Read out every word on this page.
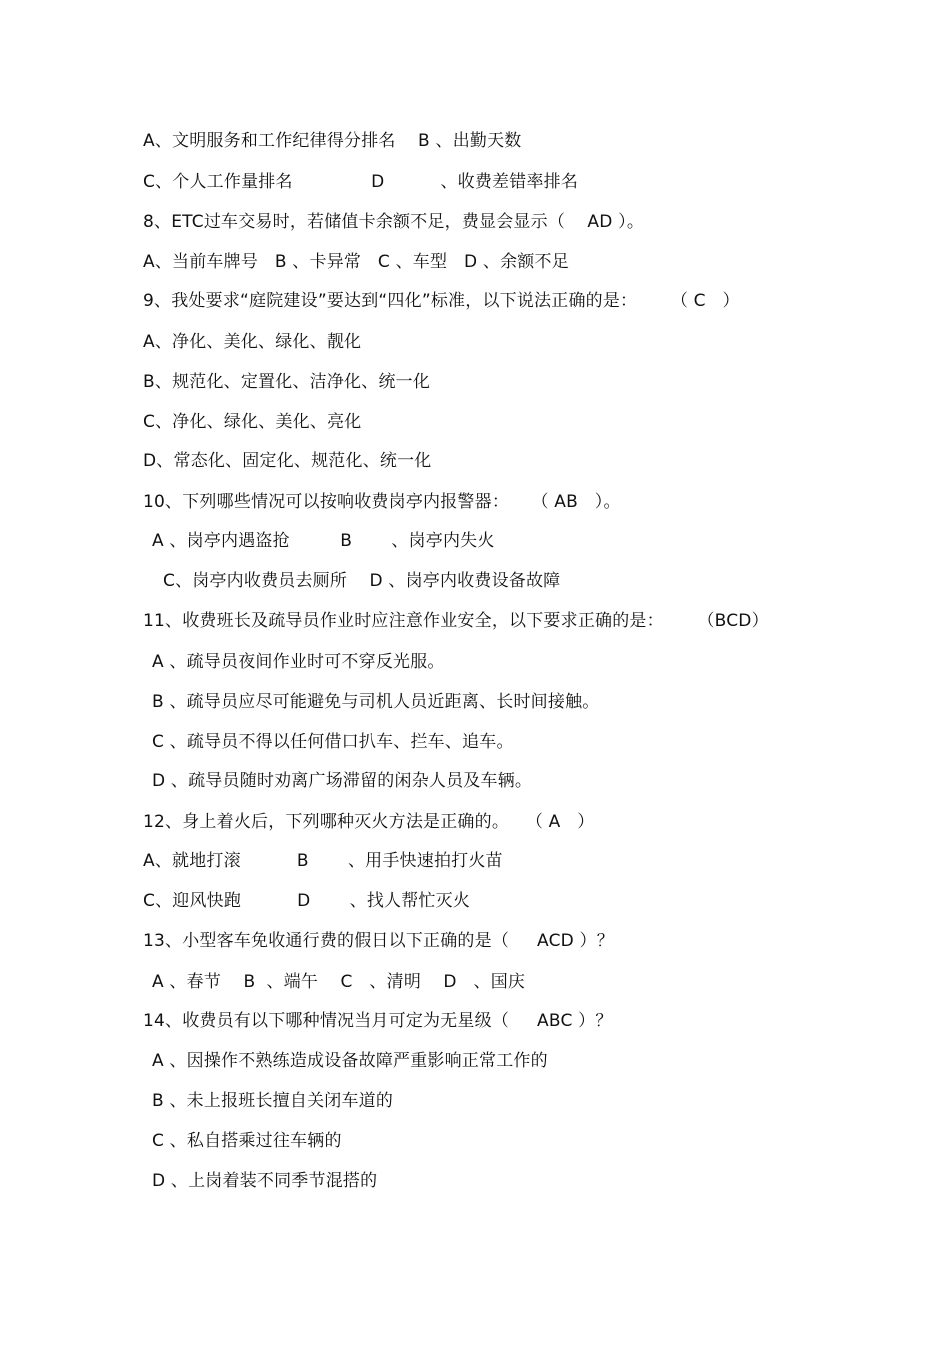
A、文明服务和工作纪律得分排名    B 、出勤天数
C、个人工作量排名              D          、收费差错率排名
8、ETC过车交易时，若储值卡余额不足，费显会显示（    AD ）。
A、当前车牌号   B 、卡异常   C 、车型   D 、余额不足
9、我处要求“庭院建设”要达到“四化”标准，以下说法正确的是：      （ C   ）
A、净化、美化、绿化、靓化
B、规范化、定置化、洁净化、统一化
C、净化、绿化、美化、亮化
D、常态化、固定化、规范化、统一化
10、下列哪些情况可以按响收费岗亭内报警器：    （ AB   ）。
A 、岗亭内遇盗抢         B       、岗亭内失火
C、岗亭内收费员去厕所    D 、岗亭内收费设备故障
11、收费班长及疏导员作业时应注意作业安全，以下要求正确的是：      （BCD）
A 、疏导员夜间作业时可不穿反光服。
B 、疏导员应尽可能避免与司机人员近距离、长时间接触。
C 、疏导员不得以任何借口扒车、拦车、追车。
D 、疏导员随时劝离广场滞留的闲杂人员及车辆。
12、身上着火后，下列哪种灭火方法是正确的。   （ A   ）
A、就地打滚          B       、用手快速拍打火苗
C、迎风快跑          D       、找人帮忙灭火
13、小型客车免收通行费的假日以下正确的是（     ACD ）？
A 、春节    B  、端午    C   、清明    D   、国庆
14、收费员有以下哪种情况当月可定为无星级（     ABC ）？
A 、因操作不熟练造成设备故障严重影响正常工作的
B 、未上报班长擅自关闭车道的
C 、私自搭乘过往车辆的
D 、上岗着装不同季节混搭的
